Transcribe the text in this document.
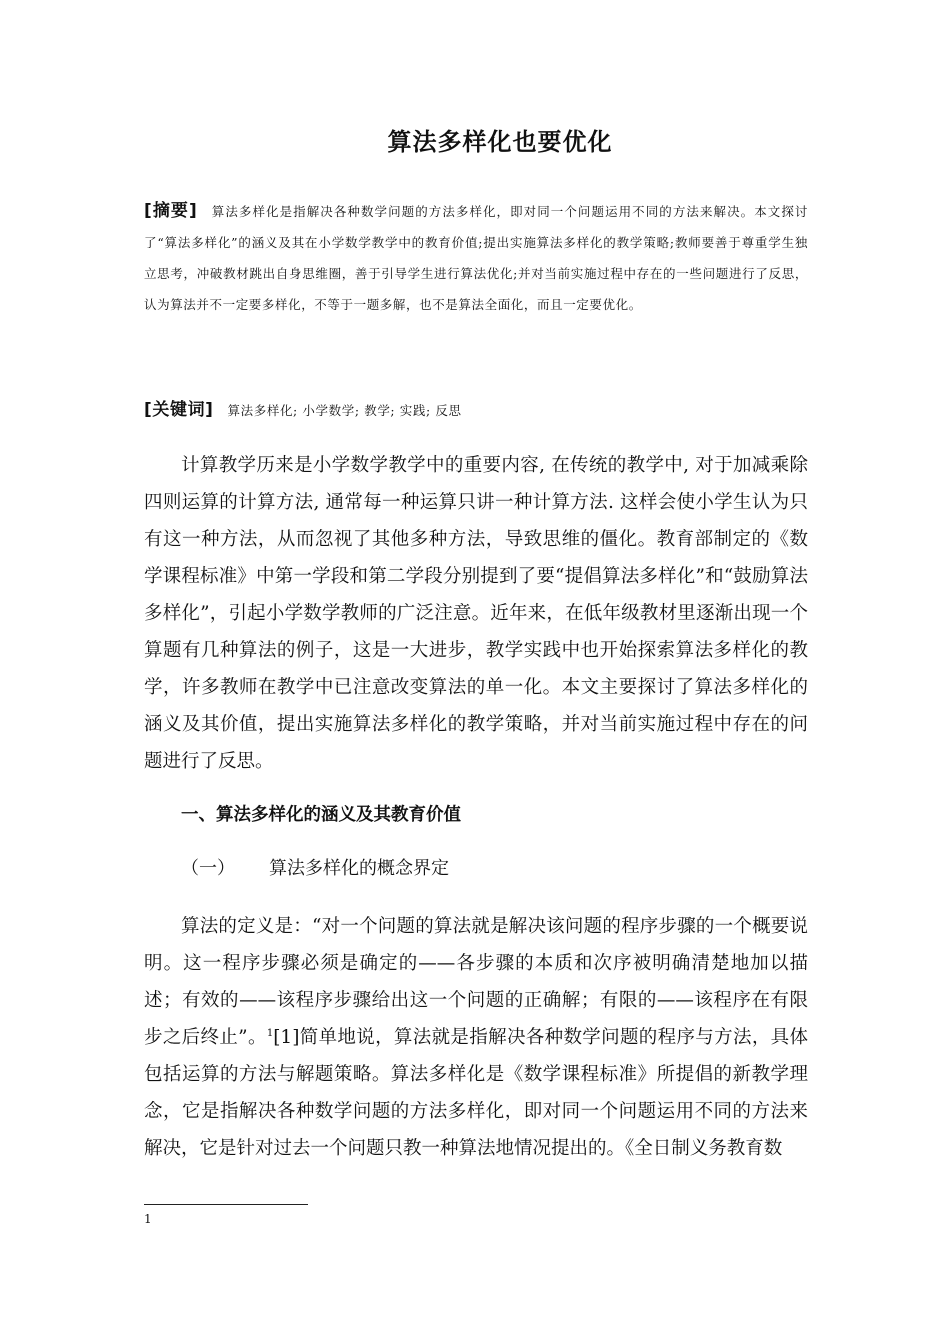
算法多样化也要优化
[摘要] 算法多样化是指解决各种数学问题的方法多样化，即对同一个问题运用不同的方法来解决。本文探讨了“算法多样化”的涵义及其在小学数学教学中的教育价值;提出实施算法多样化的教学策略;教师要善于尊重学生独立思考，冲破教材跳出自身思维圈，善于引导学生进行算法优化;并对当前实施过程中存在的一些问题进行了反思，认为算法并不一定要多样化，不等于一题多解，也不是算法全面化，而且一定要优化。
[关键词] 算法多样化; 小学数学; 教学; 实践; 反思
计算教学历来是小学数学教学中的重要内容, 在传统的教学中, 对于加减乘除四则运算的计算方法, 通常每一种运算只讲一种计算方法. 这样会使小学生认为只有这一种方法，从而忽视了其他多种方法，导致思维的僵化。教育部制定的《数学课程标准》中第一学段和第二学段分别提到了要“提倡算法多样化”和“鼓励算法多样化”，引起小学数学教师的广泛注意。近年来，在低年级教材里逐渐出现一个算题有几种算法的例子，这是一大进步，教学实践中也开始探索算法多样化的教学，许多教师在教学中已注意改变算法的单一化。本文主要探讨了算法多样化的涵义及其价值，提出实施算法多样化的教学策略，并对当前实施过程中存在的问题进行了反思。
一、算法多样化的涵义及其教育价值
（一） 算法多样化的概念界定
算法的定义是：“对一个问题的算法就是解决该问题的程序步骤的一个概要说明。这一程序步骤必须是确定的——各步骤的本质和次序被明确清楚地加以描述；有效的——该程序步骤给出这一个问题的正确解；有限的——该程序在有限步之后终止”。$^1$[1]简单地说，算法就是指解决各种数学问题的程序与方法，具体包括运算的方法与解题策略。算法多样化是《数学课程标准》所提倡的新教学理念，它是指解决各种数学问题的方法多样化，即对同一个问题运用不同的方法来解决，它是针对过去一个问题只教一种算法地情况提出的。《全日制义务教育数
1
